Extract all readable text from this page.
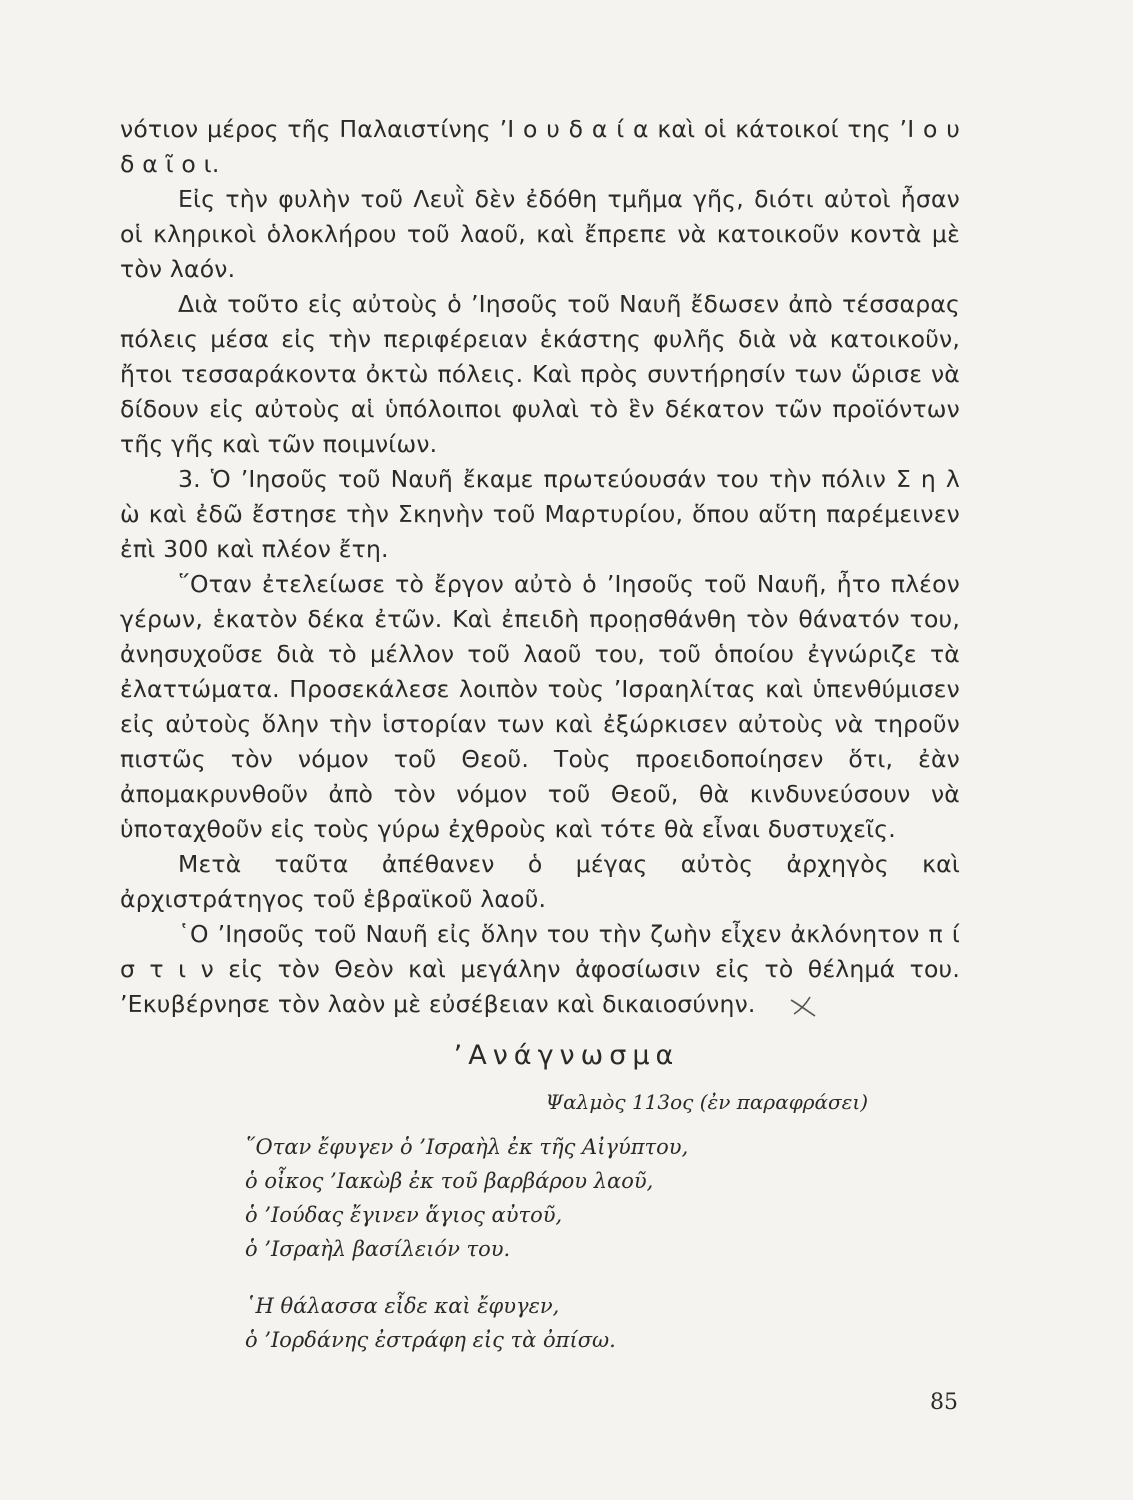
νότιον μέρος τῆς Παλαιστίνης ’Ι ο υ δ α ί α καὶ οἱ κάτοικοί της ’Ι ο υ δ α ῖ ο ι.

Εἰς τὴν φυλὴν τοῦ Λευῒ δὲν ἐδόθη τμῆμα γῆς, διότι αὐτοὶ ἦσαν οἱ κληρικοὶ ὁλοκλήρου τοῦ λαοῦ, καὶ ἔπρεπε νὰ κατοικοῦν κοντὰ μὲ τὸν λαόν.

Διὰ τοῦτο εἰς αὐτοὺς ὁ ’Ιησοῦς τοῦ Ναυῆ ἔδωσεν ἀπὸ τέσσαρας πόλεις μέσα εἰς τὴν περιφέρειαν ἑκάστης φυλῆς διὰ νὰ κατοικοῦν, ἤτοι τεσσαράκοντα ὀκτὼ πόλεις. Καὶ πρὸς συντήρησίν των ὥρισε νὰ δίδουν εἰς αὐτοὺς αἱ ὑπόλοιποι φυλαὶ τὸ ἓν δέκατον τῶν προϊόντων τῆς γῆς καὶ τῶν ποιμνίων.

3. Ὁ ’Ιησοῦς τοῦ Ναυῆ ἔκαμε πρωτεύουσάν του τὴν πόλιν Σ η λ ὼ καὶ ἐδῶ ἔστησε τὴν Σκηνὴν τοῦ Μαρτυρίου, ὅπου αὕτη παρέμεινεν ἐπὶ 300 καὶ πλέον ἔτη.

῞Οταν ἐτελείωσε τὸ ἔργον αὐτὸ ὁ ’Ιησοῦς τοῦ Ναυῆ, ἦτο πλέον γέρων, ἑκατὸν δέκα ἐτῶν. Καὶ ἐπειδὴ προῃσθάνθη τὸν θάνατόν του, ἀνησυχοῦσε διὰ τὸ μέλλον τοῦ λαοῦ του, τοῦ ὁποίου ἐγνώριζε τὰ ἐλαττώματα. Προσεκάλεσε λοιπὸν τοὺς ’Ισραηλίτας καὶ ὑπενθύμισεν εἰς αὐτοὺς ὅλην τὴν ἱστορίαν των καὶ ἐξώρκισεν αὐτοὺς νὰ τηροῦν πιστῶς τὸν νόμον τοῦ Θεοῦ. Τοὺς προειδοποίησεν ὅτι, ἐὰν ἀπομακρυνθοῦν ἀπὸ τὸν νόμον τοῦ Θεοῦ, θὰ κινδυνεύσουν νὰ ὑποταχθοῦν εἰς τοὺς γύρω ἐχθροὺς καὶ τότε θὰ εἶναι δυστυχεῖς.

Μετὰ ταῦτα ἀπέθανεν ὁ μέγας αὐτὸς ἀρχηγὸς καὶ ἀρχιστράτηγος τοῦ ἑβραϊκοῦ λαοῦ.

῾Ο ’Ιησοῦς τοῦ Ναυῆ εἰς ὅλην του τὴν ζωὴν εἶχεν ἀκλόνητον π ί σ τ ι ν εἰς τὸν Θεὸν καὶ μεγάλην ἀφοσίωσιν εἰς τὸ θέλημά του. ’Εκυβέρνησε τὸν λαὸν μὲ εὐσέβειαν καὶ δικαιοσύνην.

’Ανάγνωσμα
Ψαλμὸς 113ος (ἐν παραφράσει)
῞Οταν ἔφυγεν ὁ ’Ισραὴλ ἐκ τῆς Αἰγύπτου,
ὁ οἶκος ’Ιακὼβ ἐκ τοῦ βαρβάρου λαοῦ,
ὁ ’Ιούδας ἔγινεν ἅγιος αὐτοῦ,
ὁ ’Ισραὴλ βασίλειόν του.
῾Η θάλασσα εἶδε καὶ ἔφυγεν,
ὁ ’Ιορδάνης ἐστράφη εἰς τὰ ὀπίσω.
85
